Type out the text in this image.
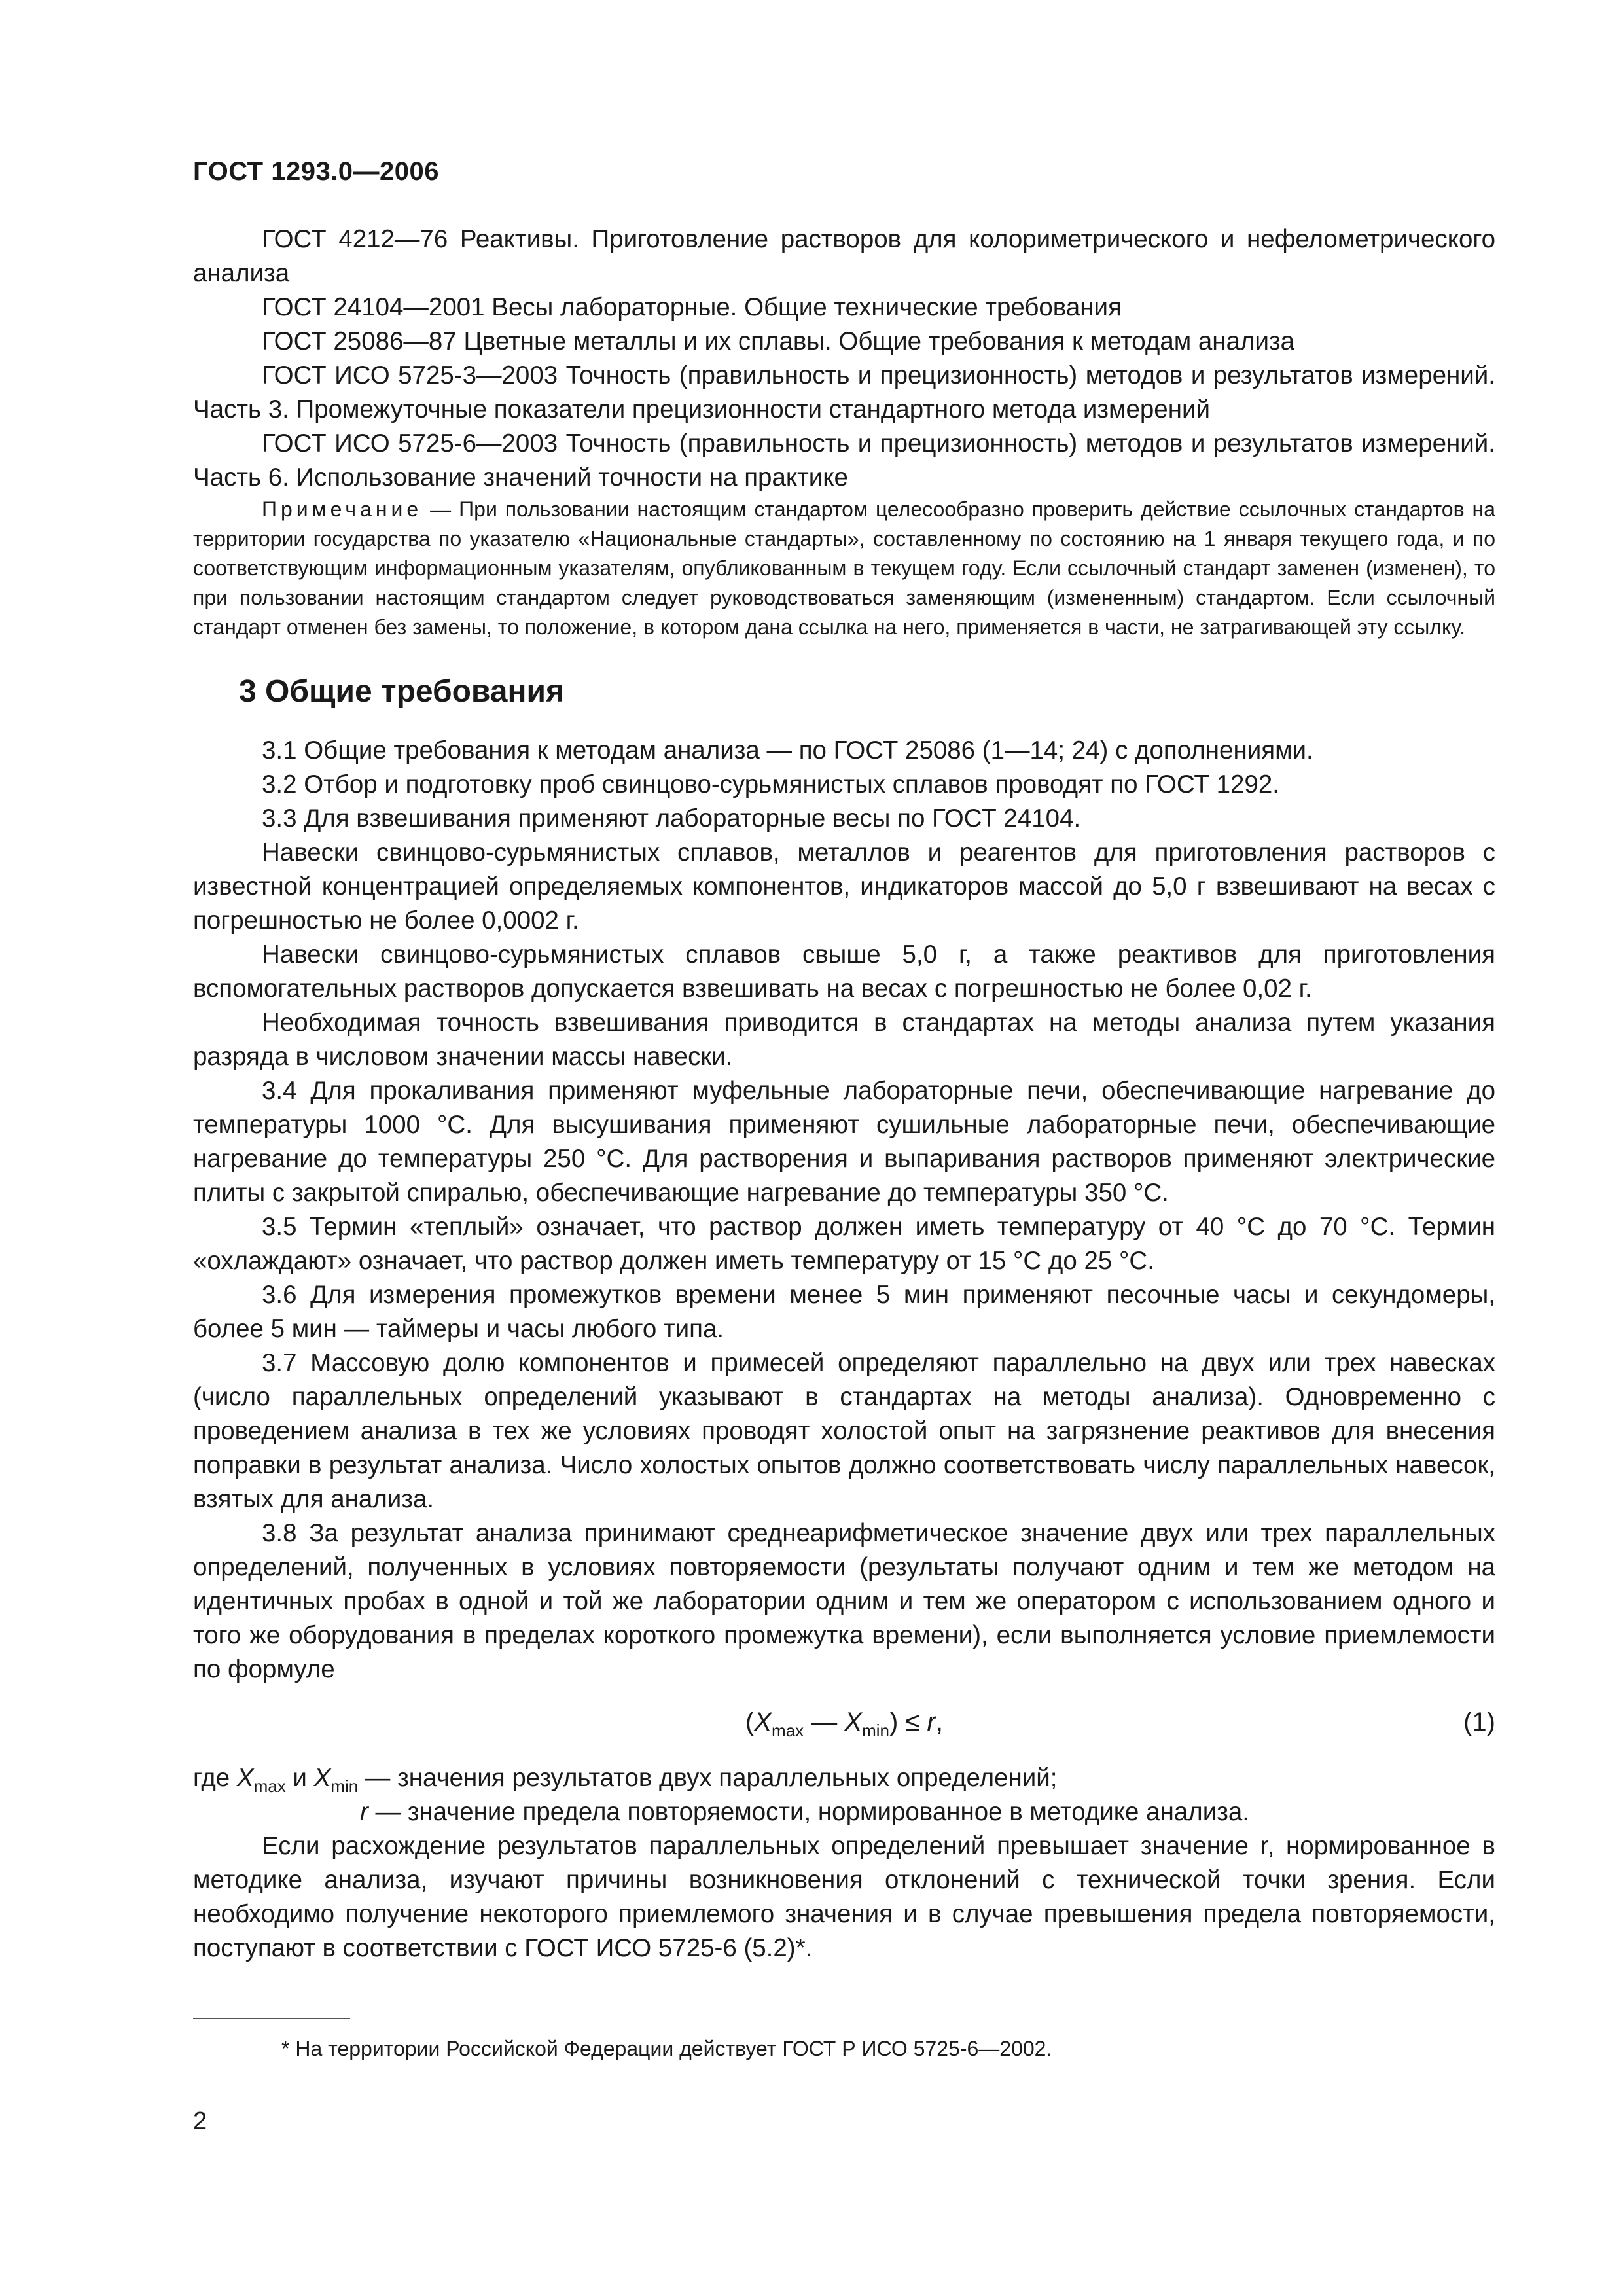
ГОСТ 1293.0—2006

ГОСТ 4212—76 Реактивы. Приготовление растворов для колориметрического и нефелометрического анализа

ГОСТ 24104—2001 Весы лабораторные. Общие технические требования

ГОСТ 25086—87 Цветные металлы и их сплавы. Общие требования к методам анализа

ГОСТ ИСО 5725-3—2003 Точность (правильность и прецизионность) методов и результатов измерений. Часть 3. Промежуточные показатели прецизионности стандартного метода измерений

ГОСТ ИСО 5725-6—2003 Точность (правильность и прецизионность) методов и результатов измерений. Часть 6. Использование значений точности на практике

Примечание — При пользовании настоящим стандартом целесообразно проверить действие ссылочных стандартов на территории государства по указателю «Национальные стандарты», составленному по состоянию на 1 января текущего года, и по соответствующим информационным указателям, опубликованным в текущем году. Если ссылочный стандарт заменен (изменен), то при пользовании настоящим стандартом следует руководствоваться заменяющим (измененным) стандартом. Если ссылочный стандарт отменен без замены, то положение, в котором дана ссылка на него, применяется в части, не затрагивающей эту ссылку.

3 Общие требования

3.1 Общие требования к методам анализа — по ГОСТ 25086 (1—14; 24) с дополнениями.

3.2 Отбор и подготовку проб свинцово-сурьмянистых сплавов проводят по ГОСТ 1292.

3.3 Для взвешивания применяют лабораторные весы по ГОСТ 24104.

Навески свинцово-сурьмянистых сплавов, металлов и реагентов для приготовления растворов с известной концентрацией определяемых компонентов, индикаторов массой до 5,0 г взвешивают на весах с погрешностью не более 0,0002 г.

Навески свинцово-сурьмянистых сплавов свыше 5,0 г, а также реактивов для приготовления вспомогательных растворов допускается взвешивать на весах с погрешностью не более 0,02 г.

Необходимая точность взвешивания приводится в стандартах на методы анализа путем указания разряда в числовом значении массы навески.

3.4 Для прокаливания применяют муфельные лабораторные печи, обеспечивающие нагревание до температуры 1000 °С. Для высушивания применяют сушильные лабораторные печи, обеспечивающие нагревание до температуры 250 °С. Для растворения и выпаривания растворов применяют электрические плиты с закрытой спиралью, обеспечивающие нагревание до температуры 350 °С.

3.5 Термин «теплый» означает, что раствор должен иметь температуру от 40 °С до 70 °С. Термин «охлаждают» означает, что раствор должен иметь температуру от 15 °С до 25 °С.

3.6 Для измерения промежутков времени менее 5 мин применяют песочные часы и секундомеры, более 5 мин — таймеры и часы любого типа.

3.7 Массовую долю компонентов и примесей определяют параллельно на двух или трех навесках (число параллельных определений указывают в стандартах на методы анализа). Одновременно с проведением анализа в тех же условиях проводят холостой опыт на загрязнение реактивов для внесения поправки в результат анализа. Число холостых опытов должно соответствовать числу параллельных навесок, взятых для анализа.

3.8 За результат анализа принимают среднеарифметическое значение двух или трех параллельных определений, полученных в условиях повторяемости (результаты получают одним и тем же методом на идентичных пробах в одной и той же лаборатории одним и тем же оператором с использованием одного и того же оборудования в пределах короткого промежутка времени), если выполняется условие приемлемости по формуле

($X_{max}$ — $X_{min}) \le r$,	(1)

где $X_{max}$ и $X_{min}$ — значения результатов двух параллельных определений;

r — значение предела повторяемости, нормированное в методике анализа.

Если расхождение результатов параллельных определений превышает значение r, нормированное в методике анализа, изучают причины возникновения отклонений с технической точки зрения. Если необходимо получение некоторого приемлемого значения и в случае превышения предела повторяемости, поступают в соответствии с ГОСТ ИСО 5725-6 (5.2)*.

* На территории Российской Федерации действует ГОСТ Р ИСО 5725-6—2002.
2
